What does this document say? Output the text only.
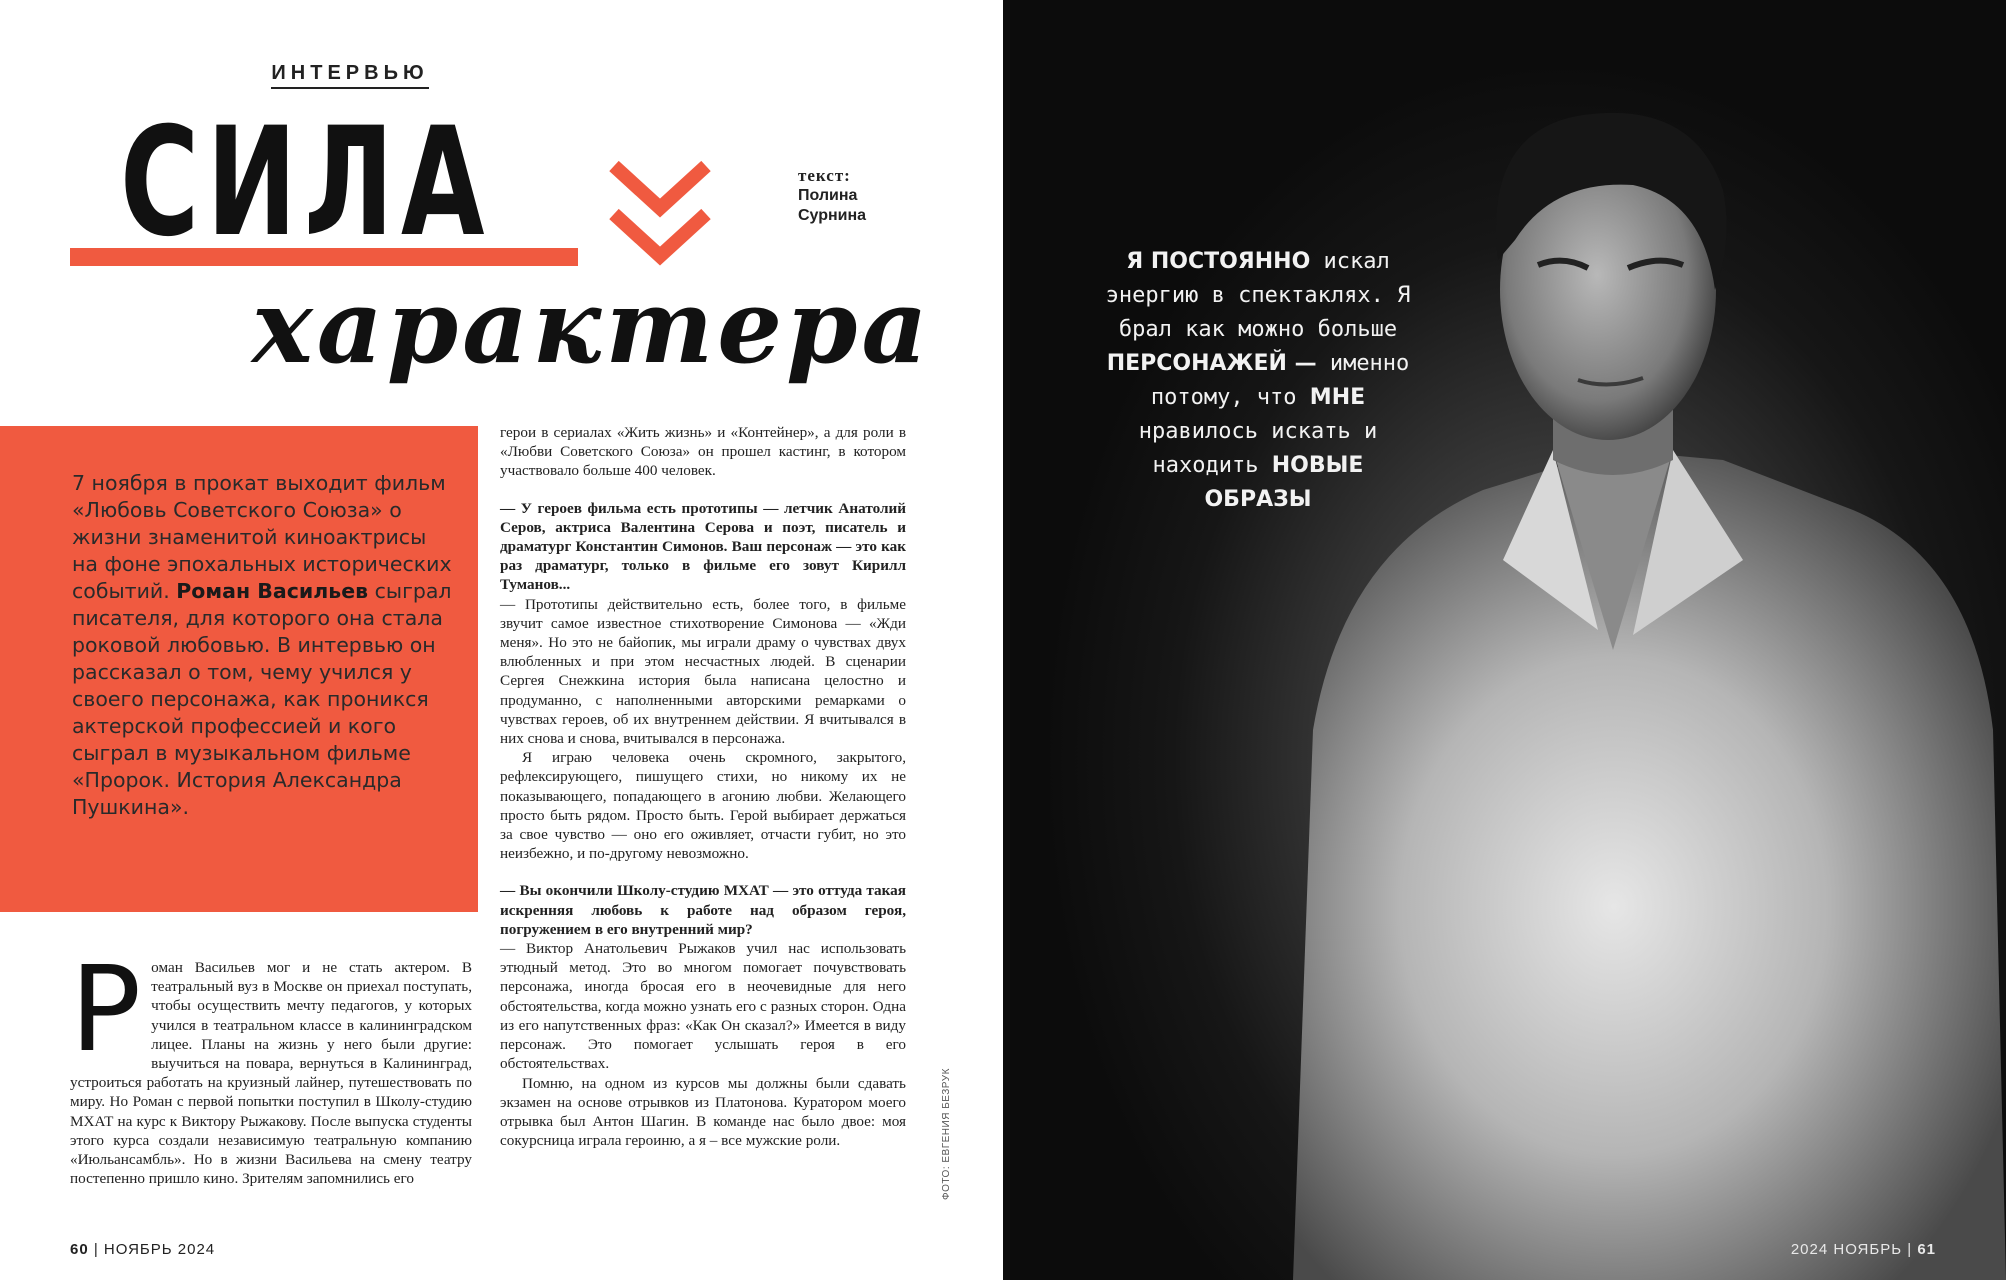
ИНТЕРВЬЮ
СИЛА
характера
текст:
Полина
Сурнина

7 ноября в прокат выходит фильм «Любовь Советского Союза» о жизни знаменитой киноактрисы на фоне эпохальных исторических событий. Роман Васильев сыграл писателя, для которого она стала роковой любовью. В интервью он рассказал о том, чему учился у своего персонажа, как проникся актерской профессией и кого сыграл в музыкальном фильме «Пророк. История Александра Пушкина».

Роман Васильев мог и не стать актером. В театральный вуз в Москве он приехал поступать, чтобы осуществить мечту педагогов, у которых учился в театральном классе в калининградском лицее. Планы на жизнь у него были другие: выучиться на повара, вернуться в Калининград, устроиться работать на круизный лайнер, путешествовать по миру. Но Роман с первой попытки поступил в Школу-студию МХАТ на курс к Виктору Рыжакову. После выпуска студенты этого курса создали независимую театральную компанию «Июльансамбль». Но в жизни Васильева на смену театру постепенно пришло кино. Зрителям запомнились его

герои в сериалах «Жить жизнь» и «Контейнер», а для роли в «Любви Советского Союза» он прошел кастинг, в котором участвовало больше 400 человек.

— У героев фильма есть прототипы — летчик Анатолий Серов, актриса Валентина Серова и поэт, писатель и драматург Константин Симонов. Ваш персонаж — это как раз драматург, только в фильме его зовут Кирилл Туманов...

— Прототипы действительно есть, более того, в фильме звучит самое известное стихотворение Симонова — «Жди меня». Но это не байопик, мы играли драму о чувствах двух влюбленных и при этом несчастных людей. В сценарии Сергея Снежкина история была написана целостно и продуманно, с наполненными авторскими ремарками о чувствах героев, об их внутреннем действии. Я вчитывался в них снова и снова, вчитывался в персонажа.

Я играю человека очень скромного, закрытого, рефлексирующего, пишущего стихи, но никому их не показывающего, попадающего в агонию любви. Желающего просто быть рядом. Просто быть. Герой выбирает держаться за свое чувство — оно его оживляет, отчасти губит, но это неизбежно, и по-другому невозможно.

— Вы окончили Школу-студию МХАТ — это оттуда такая искренняя любовь к работе над образом героя, погружением в его внутренний мир?

— Виктор Анатольевич Рыжаков учил нас использовать этюдный метод. Это во многом помогает почувствовать персонажа, иногда бросая его в неочевидные для него обстоятельства, когда можно узнать его с разных сторон. Одна из его напутственных фраз: «Как Он сказал?» Имеется в виду персонаж. Это помогает услышать героя в его обстоятельствах.

Помню, на одном из курсов мы должны были сдавать экзамен на основе отрывков из Платонова. Куратором моего отрывка был Антон Шагин. В команде нас было двое: моя сокурсница играла героиню, а я – все мужские роли.	ФОТО: ЕВГЕНИЯ БЕЗРУК
60 | НОЯБРЬ 2024

Я ПОСТОЯННО искал энергию в спектаклях. Я брал как можно больше ПЕРСОНАЖЕЙ — именно потому, что МНЕ нравилось искать и находить НОВЫЕ ОБРАЗЫ

2024 НОЯБРЬ | 61
